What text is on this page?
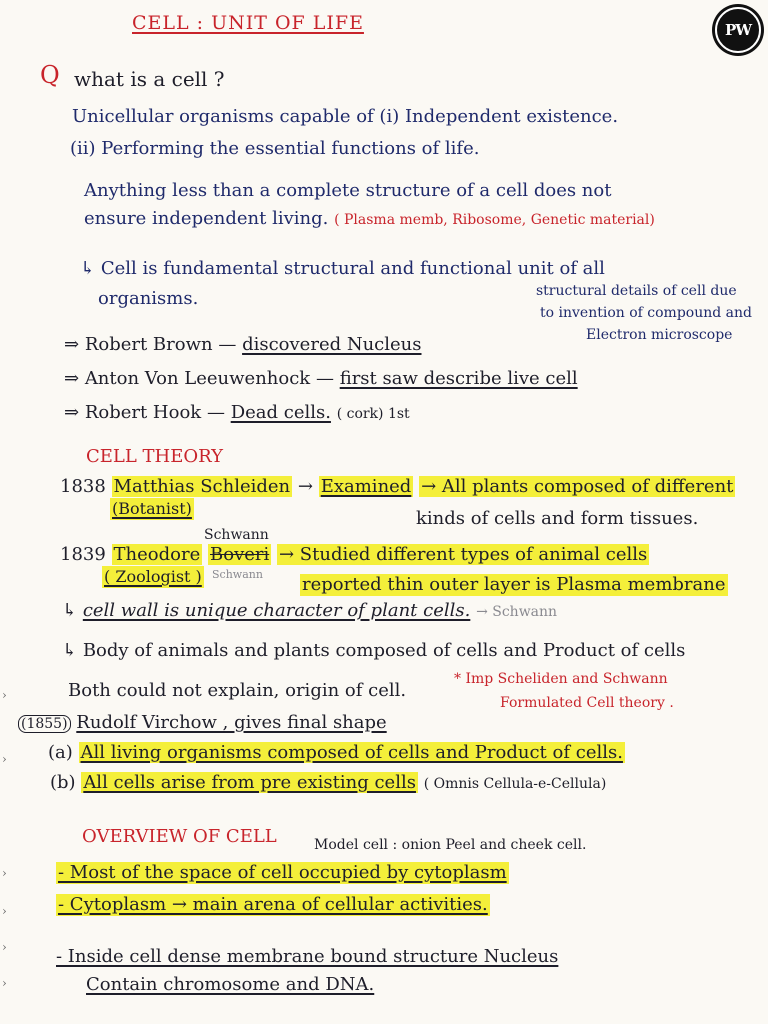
PW
CELL : UNIT OF LIFE
Q what is a cell ?
Unicellular organisms capable of (i) Independent existence.
(ii) Performing the essential functions of life.
Anything less than a complete structure of a cell does not
ensure independent living. ( Plasma memb, Ribosome, Genetic material)
↳ Cell is fundamental structural and functional unit of all
organisms.	structural details of cell due
to invention of compound and
Electron microscope
⇒ Robert Brown — discovered Nucleus
⇒ Anton Von Leeuwenhock — first saw describe live cell
⇒ Robert Hook — Dead cells. ( cork) 1st
CELL THEORY
1838 Matthias Schleiden → Examined → All plants composed of different
(Botanist)	kinds of cells and form tissues.
Schwann
1839 Theodore Boveri → Studied different types of animal cells
( Zoologist ) Schwann reported thin outer layer is Plasma membrane
↳ cell wall is unique character of plant cells. → Schwann
↳ Body of animals and plants composed of cells and Product of cells
Both could not explain, origin of cell.
* Imp Scheliden and Schwann
Formulated Cell theory .
(1855) Rudolf Virchow , gives final shape
(a) All living organisms composed of cells and Product of cells.
(b) All cells arise from pre existing cells ( Omnis Cellula-e-Cellula)
OVERVIEW OF CELL	Model cell : onion Peel and cheek cell.
- Most of the space of cell occupied by cytoplasm
- Cytoplasm → main arena of cellular activities.
- Inside cell dense membrane bound structure Nucleus
Contain chromosome and DNA.
›
›
›
›
›
›
